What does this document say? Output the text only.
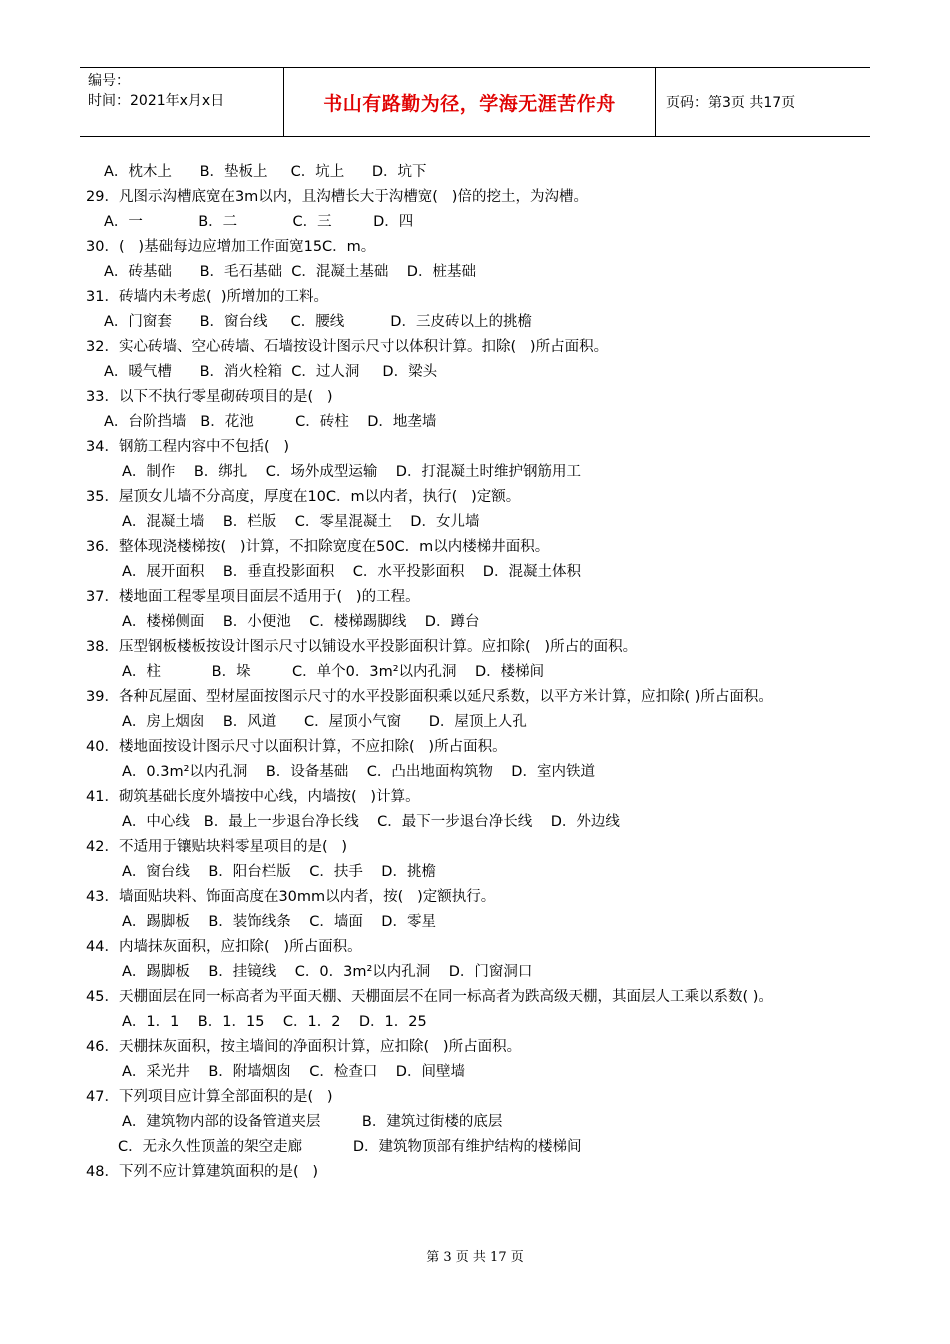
编号：
时间：2021年x月x日	书山有路勤为径，学海无涯苦作舟	页码：第3页 共17页
A．枕木上      B．垫板上     C．坑上      D．坑下
29．凡图示沟槽底宽在3m以内，且沟槽长大于沟槽宽(   )倍的挖土，为沟槽。
A．一            B．二            C．三         D．四
30．(   )基础每边应增加工作面宽15C．m。
A．砖基础      B．毛石基础  C．混凝土基础    D．桩基础
31．砖墙内未考虑(  )所增加的工料。
A．门窗套      B．窗台线     C．腰线          D．三皮砖以上的挑檐
32．实心砖墙、空心砖墙、石墙按设计图示尺寸以体积计算。扣除(   )所占面积。
A．暖气槽      B．消火栓箱  C．过人洞     D．梁头
33．以下不执行零星砌砖项目的是(   )
A．台阶挡墙   B．花池         C．砖柱    D．地垄墙
34．钢筋工程内容中不包括(   )
A．制作    B．绑扎    C．场外成型运输    D．打混凝土时维护钢筋用工
35．屋顶女儿墙不分高度，厚度在10C．m以内者，执行(   )定额。
A．混凝土墙    B．栏版    C．零星混凝土    D．女儿墙
36．整体现浇楼梯按(   )计算，不扣除宽度在50C．m以内楼梯井面积。
A．展开面积    B．垂直投影面积    C．水平投影面积    D．混凝土体积
37．楼地面工程零星项目面层不适用于(   )的工程。
A．楼梯侧面    B．小便池    C．楼梯踢脚线    D．蹲台
38．压型钢板楼板按设计图示尺寸以铺设水平投影面积计算。应扣除(   )所占的面积。
A．柱           B．垛         C．单个0．3m²以内孔洞    D．楼梯间
39．各种瓦屋面、型材屋面按图示尺寸的水平投影面积乘以延尺系数，以平方米计算，应扣除( )所占面积。
A．房上烟囱    B．风道      C．屋顶小气窗      D．屋顶上人孔
40．楼地面按设计图示尺寸以面积计算，不应扣除(   )所占面积。
A．0.3m²以内孔洞    B．设备基础    C．凸出地面构筑物    D．室内铁道
41．砌筑基础长度外墙按中心线，内墙按(   )计算。
A．中心线   B．最上一步退台净长线    C．最下一步退台净长线    D．外边线
42．不适用于镶贴块料零星项目的是(   )
A．窗台线    B．阳台栏版    C．扶手    D．挑檐
43．墙面贴块料、饰面高度在30mm以内者，按(   )定额执行。
A．踢脚板    B．装饰线条    C．墙面    D．零星
44．内墙抹灰面积，应扣除(   )所占面积。
A．踢脚板    B．挂镜线    C．0．3m²以内孔洞    D．门窗洞口
45．天棚面层在同一标高者为平面天棚、天棚面层不在同一标高者为跌高级天棚，其面层人工乘以系数( )。
A．1．1    B．1．15    C．1．2    D．1．25
46．天棚抹灰面积，按主墙间的净面积计算，应扣除(   )所占面积。
A．采光井    B．附墙烟囱    C．检查口    D．间壁墙
47．下列项目应计算全部面积的是(   )
A．建筑物内部的设备管道夹层         B．建筑过街楼的底层
C．无永久性顶盖的架空走廊           D．建筑物顶部有维护结构的楼梯间
48．下列不应计算建筑面积的是(   )
第 3 页 共 17 页
